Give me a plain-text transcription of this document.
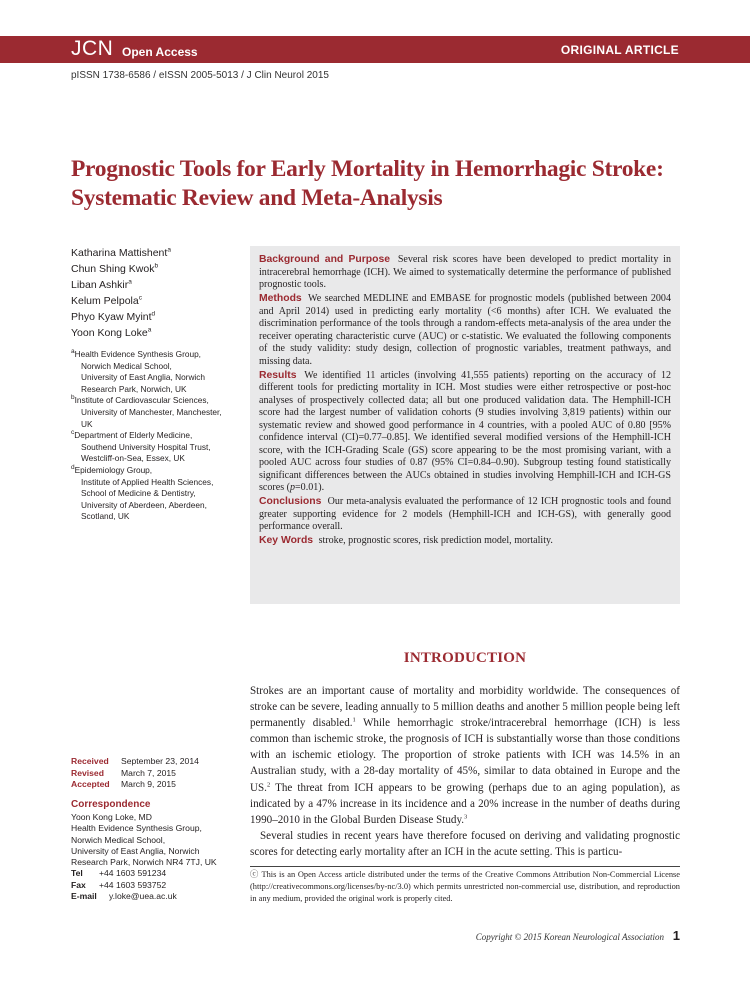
JCN Open Access	ORIGINAL ARTICLE
pISSN 1738-6586 / eISSN 2005-5013 / J Clin Neurol 2015
Prognostic Tools for Early Mortality in Hemorrhagic Stroke:
Systematic Review and Meta-Analysis
Katharina Mattishent$^a$
Chun Shing Kwok$^b$
Liban Ashkir$^a$
Kelum Pelpola$^c$
Phyo Kyaw Myint$^d$
Yoon Kong Loke$^a$
$^a$Health Evidence Synthesis Group,
Norwich Medical School,
University of East Anglia, Norwich
Research Park, Norwich, UK
$^b$Institute of Cardiovascular Sciences,
University of Manchester, Manchester,
UK
$^c$Department of Elderly Medicine,
Southend University Hospital Trust,
Westcliff-on-Sea, Essex, UK
$^d$Epidemiology Group,
Institute of Applied Health Sciences,
School of Medicine & Dentistry,
University of Aberdeen, Aberdeen,
Scotland, UK

Background and Purpose Several risk scores have been developed to predict mortality in intracerebral hemorrhage (ICH). We aimed to systematically determine the performance of published prognostic tools.

Methods We searched MEDLINE and EMBASE for prognostic models (published between 2004 and April 2014) used in predicting early mortality (<6 months) after ICH. We evaluated the discrimination performance of the tools through a random-effects meta-analysis of the area under the receiver operating characteristic curve (AUC) or c-statistic. We evaluated the following components of the study validity: study design, collection of prognostic variables, treatment pathways, and missing data.

Results We identified 11 articles (involving 41,555 patients) reporting on the accuracy of 12 different tools for predicting mortality in ICH. Most studies were either retrospective or post-hoc analyses of prospectively collected data; all but one produced validation data. The Hemphill-ICH score had the largest number of validation cohorts (9 studies involving 3,819 patients) within our systematic review and showed good performance in 4 countries, with a pooled AUC of 0.80 [95% confidence interval (CI)=0.77–0.85]. We identified several modified versions of the Hemphill-ICH score, with the ICH-Grading Scale (GS) score appearing to be the most promising variant, with a pooled AUC across four studies of 0.87 (95% CI=0.84–0.90). Subgroup testing found statistically significant differences between the AUCs obtained in studies involving Hemphill-ICH and ICH-GS scores (p=0.01).

Conclusions Our meta-analysis evaluated the performance of 12 ICH prognostic tools and found greater supporting evidence for 2 models (Hemphill-ICH and ICH-GS), with generally good performance overall.

Key Words stroke, prognostic scores, risk prediction model, mortality.

INTRODUCTION

Strokes are an important cause of mortality and morbidity worldwide. The consequences of stroke can be severe, leading annually to 5 million deaths and another 5 million people being left permanently disabled.$^1$ While hemorrhagic stroke/intracerebral hemorrhage (ICH) is less common than ischemic stroke, the prognosis of ICH is substantially worse than those conditions with an ischemic etiology. The proportion of stroke patients with ICH was 14.5% in an Australian study, with a 28-day mortality of 45%, similar to data obtained in Europe and the US.$^2$ The threat from ICH appears to be growing (perhaps due to an aging population), as indicated by a 47% increase in its incidence and a 20% increase in the number of deaths during 1990–2010 in the Global Burden Disease Study.$^3$

Several studies in recent years have therefore focused on deriving and validating prognostic scores for detecting early mortality after an ICH in the acute setting. This is particu-

Received	September 23, 2014
Revised	March 7, 2015
Accepted	March 9, 2015
Correspondence
Yoon Kong Loke, MD
Health Evidence Synthesis Group,
Norwich Medical School,
University of East Anglia, Norwich
Research Park, Norwich NR4 7TJ, UK
Tel	+44 1603 591234
Fax	+44 1603 593752
E-mail	y.loke@uea.ac.uk
ⓒ This is an Open Access article distributed under the terms of the Creative Commons Attribution Non-Commercial License (http://creativecommons.org/licenses/by-nc/3.0) which permits unrestricted non-commercial use, distribution, and reproduction in any medium, provided the original work is properly cited.
Copyright © 2015 Korean Neurological Association 1
